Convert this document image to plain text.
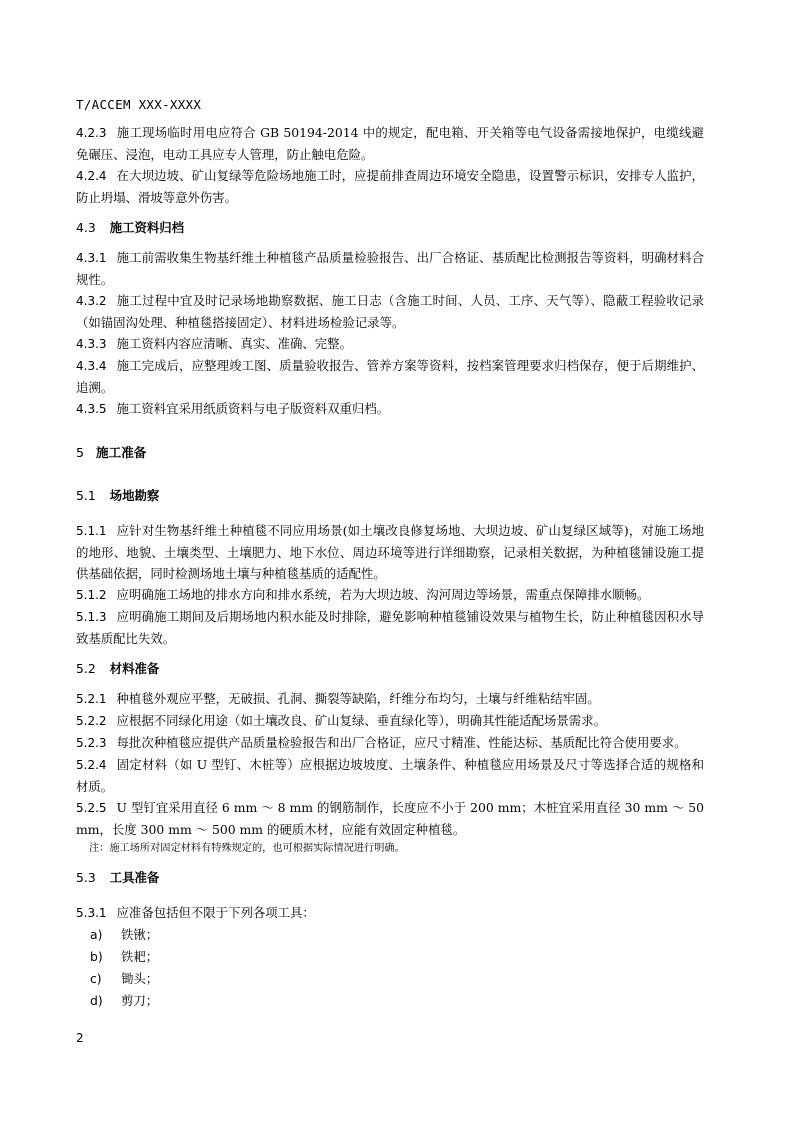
T/ACCEM XXX-XXXX

4.2.3 施工现场临时用电应符合 GB 50194-2014 中的规定，配电箱、开关箱等电气设备需接地保护，电缆线避免碾压、浸泡，电动工具应专人管理，防止触电危险。

4.2.4 在大坝边坡、矿山复绿等危险场地施工时，应提前排查周边环境安全隐患，设置警示标识，安排专人监护，防止坍塌、滑坡等意外伤害。

4.3 施工资料归档

4.3.1 施工前需收集生物基纤维土种植毯产品质量检验报告、出厂合格证、基质配比检测报告等资料，明确材料合规性。

4.3.2 施工过程中宜及时记录场地勘察数据、施工日志（含施工时间、人员、工序、天气等）、隐蔽工程验收记录（如锚固沟处理、种植毯搭接固定）、材料进场检验记录等。

4.3.3 施工资料内容应清晰、真实、准确、完整。

4.3.4 施工完成后，应整理竣工图、质量验收报告、管养方案等资料，按档案管理要求归档保存，便于后期维护、追溯。

4.3.5 施工资料宜采用纸质资料与电子版资料双重归档。

5 施工准备

5.1 场地勘察

5.1.1 应针对生物基纤维土种植毯不同应用场景(如土壤改良修复场地、大坝边坡、矿山复绿区域等)，对施工场地的地形、地貌、土壤类型、土壤肥力、地下水位、周边环境等进行详细勘察，记录相关数据，为种植毯铺设施工提供基础依据，同时检测场地土壤与种植毯基质的适配性。

5.1.2 应明确施工场地的排水方向和排水系统，若为大坝边坡、沟河周边等场景，需重点保障排水顺畅。

5.1.3 应明确施工期间及后期场地内积水能及时排除，避免影响种植毯铺设效果与植物生长，防止种植毯因积水导致基质配比失效。

5.2 材料准备

5.2.1 种植毯外观应平整，无破损、孔洞、撕裂等缺陷，纤维分布均匀，土壤与纤维粘结牢固。

5.2.2 应根据不同绿化用途（如土壤改良、矿山复绿、垂直绿化等），明确其性能适配场景需求。

5.2.3 每批次种植毯应提供产品质量检验报告和出厂合格证，应尺寸精准、性能达标、基质配比符合使用要求。

5.2.4 固定材料（如 U 型钉、木桩等）应根据边坡坡度、土壤条件、种植毯应用场景及尺寸等选择合适的规格和材质。

5.2.5 U 型钉宜采用直径 6 mm ～ 8 mm 的钢筋制作，长度应不小于 200 mm；木桩宜采用直径 30 mm ～ 50 mm，长度 300 mm ～ 500 mm 的硬质木材，应能有效固定种植毯。

注：施工场所对固定材料有特殊规定的，也可根据实际情况进行明确。

5.3 工具准备

5.3.1 应准备包括但不限于下列各项工具：

a) 铁锹；
b) 铁耙；
c) 锄头；
d) 剪刀；
2
